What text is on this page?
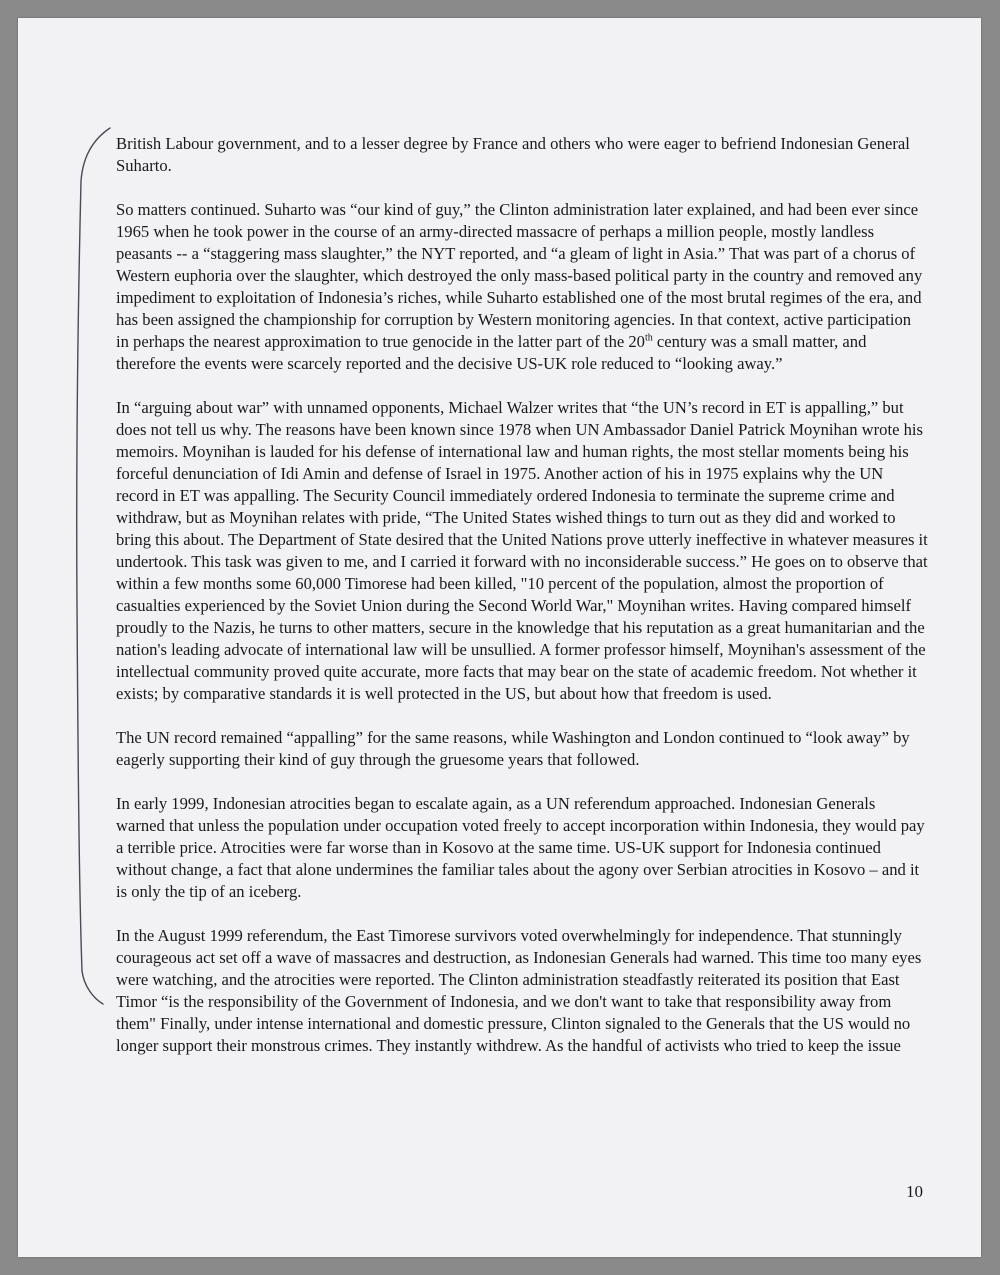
British Labour government, and to a lesser degree by France and others who were eager to befriend Indonesian General Suharto.

So matters continued. Suharto was “our kind of guy,” the Clinton administration later explained, and had been ever since 1965 when he took power in the course of an army-directed massacre of perhaps a million people, mostly landless peasants -- a “staggering mass slaughter,” the NYT reported, and “a gleam of light in Asia.” That was part of a chorus of Western euphoria over the slaughter, which destroyed the only mass-based political party in the country and removed any impediment to exploitation of Indonesia’s riches, while Suharto established one of the most brutal regimes of the era, and has been assigned the championship for corruption by Western monitoring agencies. In that context, active participation in perhaps the nearest approximation to true genocide in the latter part of the 20th century was a small matter, and therefore the events were scarcely reported and the decisive US-UK role reduced to “looking away.”

In “arguing about war” with unnamed opponents, Michael Walzer writes that “the UN’s record in ET is appalling,” but does not tell us why. The reasons have been known since 1978 when UN Ambassador Daniel Patrick Moynihan wrote his memoirs. Moynihan is lauded for his defense of international law and human rights, the most stellar moments being his forceful denunciation of Idi Amin and defense of Israel in 1975. Another action of his in 1975 explains why the UN record in ET was appalling. The Security Council immediately ordered Indonesia to terminate the supreme crime and withdraw, but as Moynihan relates with pride, “The United States wished things to turn out as they did and worked to bring this about. The Department of State desired that the United Nations prove utterly ineffective in whatever measures it undertook. This task was given to me, and I carried it forward with no inconsiderable success.” He goes on to observe that within a few months some 60,000 Timorese had been killed, "10 percent of the population, almost the proportion of casualties experienced by the Soviet Union during the Second World War," Moynihan writes. Having compared himself proudly to the Nazis, he turns to other matters, secure in the knowledge that his reputation as a great humanitarian and the nation's leading advocate of international law will be unsullied. A former professor himself, Moynihan's assessment of the intellectual community proved quite accurate, more facts that may bear on the state of academic freedom. Not whether it exists; by comparative standards it is well protected in the US, but about how that freedom is used.

The UN record remained “appalling” for the same reasons, while Washington and London continued to “look away” by eagerly supporting their kind of guy through the gruesome years that followed.

In early 1999, Indonesian atrocities began to escalate again, as a UN referendum approached. Indonesian Generals warned that unless the population under occupation voted freely to accept incorporation within Indonesia, they would pay a terrible price. Atrocities were far worse than in Kosovo at the same time. US-UK support for Indonesia continued without change, a fact that alone undermines the familiar tales about the agony over Serbian atrocities in Kosovo – and it is only the tip of an iceberg.

In the August 1999 referendum, the East Timorese survivors voted overwhelmingly for independence. That stunningly courageous act set off a wave of massacres and destruction, as Indonesian Generals had warned. This time too many eyes were watching, and the atrocities were reported. The Clinton administration steadfastly reiterated its position that East Timor “is the responsibility of the Government of Indonesia, and we don't want to take that responsibility away from them" Finally, under intense international and domestic pressure, Clinton signaled to the Generals that the US would no longer support their monstrous crimes. They instantly withdrew. As the handful of activists who tried to keep the issue

10
